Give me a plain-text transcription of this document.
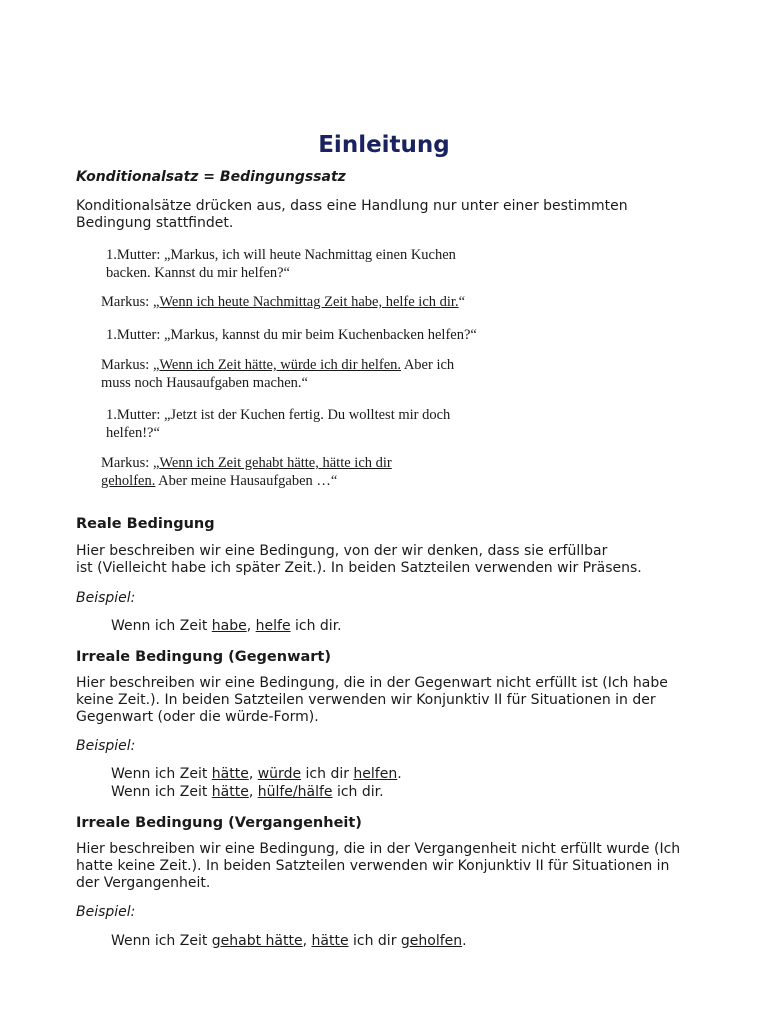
Einleitung
Konditionalsatz = Bedingungssatz
Konditionalsätze drücken aus, dass eine Handlung nur unter einer bestimmten
Bedingung stattfindet.
1.Mutter: „Markus, ich will heute Nachmittag einen Kuchen
backen. Kannst du mir helfen?“
Markus: „Wenn ich heute Nachmittag Zeit habe, helfe ich dir.“
1.Mutter: „Markus, kannst du mir beim Kuchenbacken helfen?“
Markus: „Wenn ich Zeit hätte, würde ich dir helfen. Aber ich
muss noch Hausaufgaben machen.“
1.Mutter: „Jetzt ist der Kuchen fertig. Du wolltest mir doch
helfen!?“
Markus: „Wenn ich Zeit gehabt hätte, hätte ich dir
geholfen. Aber meine Hausaufgaben …“
Reale Bedingung
Hier beschreiben wir eine Bedingung, von der wir denken, dass sie erfüllbar
ist (Vielleicht habe ich später Zeit.). In beiden Satzteilen verwenden wir Präsens.
Beispiel:
Wenn ich Zeit habe, helfe ich dir.
Irreale Bedingung (Gegenwart)
Hier beschreiben wir eine Bedingung, die in der Gegenwart nicht erfüllt ist (Ich habe
keine Zeit.). In beiden Satzteilen verwenden wir Konjunktiv II für Situationen in der
Gegenwart (oder die würde-Form).
Beispiel:
Wenn ich Zeit hätte, würde ich dir helfen.
Wenn ich Zeit hätte, hülfe/hälfe ich dir.
Irreale Bedingung (Vergangenheit)
Hier beschreiben wir eine Bedingung, die in der Vergangenheit nicht erfüllt wurde (Ich
hatte keine Zeit.). In beiden Satzteilen verwenden wir Konjunktiv II für Situationen in
der Vergangenheit.
Beispiel:
Wenn ich Zeit gehabt hätte, hätte ich dir geholfen.
